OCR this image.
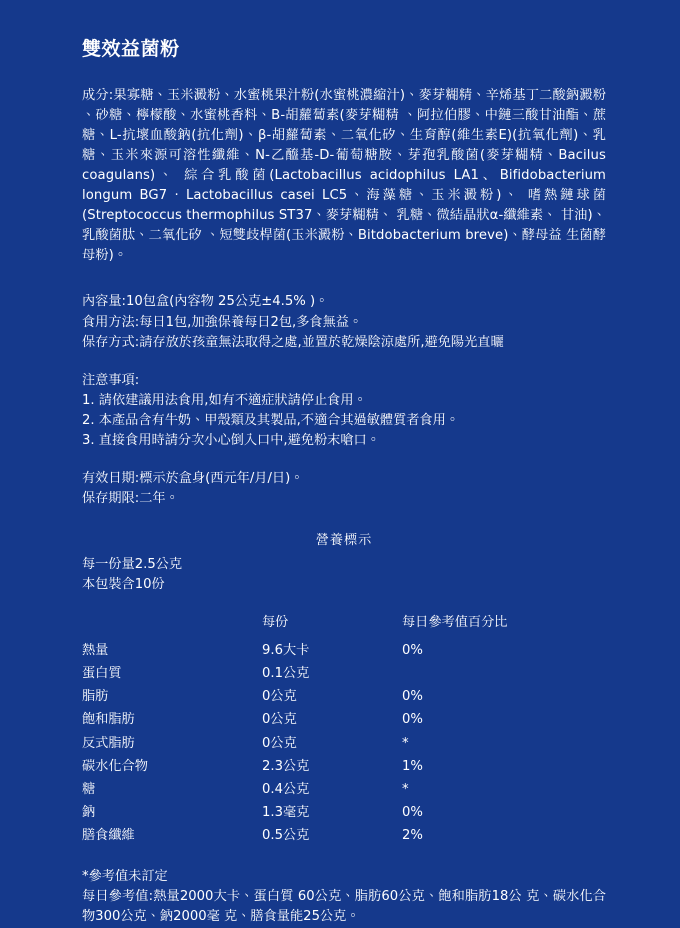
雙效益菌粉
成分:果寡糖、玉米澱粉、水蜜桃果汁粉(水蜜桃濃縮汁)、麥芽糊精、辛烯基丁二酸鈉澱粉 、砂糖、檸檬酸、水蜜桃香料、B-胡蘿蔔素(麥芽糊精 、阿拉伯膠、中鏈三酸甘油酯、蔗糖、L-抗壞血酸鈉(抗化劑)、β-胡蘿蔔素、二氧化矽、生育醇(維生素E)(抗氧化劑)、乳糖、玉米來源可溶性纖維、N-乙醯基-D-葡萄糖胺、芽孢乳酸菌(麥芽糊精、Bacilus coagulans)、 綜合乳酸菌(Lactobacillus acidophilus LA1、Bifidobacterium longum BG7 · Lactobacillus casei LC5、海藻糖、玉米澱粉)、 嗜熱鏈球菌(Streptococcus thermophilus ST37、麥芽糊精、 乳糖、微結晶狀α-纖維素、 甘油)、乳酸菌肽、二氧化矽 、短雙歧桿菌(玉米澱粉、Bitdobacterium breve)、酵母益 生菌酵母粉)。

內容量:10包盒(內容物 25公克±4.5% )。

食用方法:每日1包,加強保養每日2包,多食無益。

保存方式:請存放於孩童無法取得之處,並置於乾燥陰涼處所,避免陽光直曬

注意事項:

1. 請依建議用法食用,如有不適症狀請停止食用。
2. 本產品含有牛奶、甲殼類及其製品,不適合其過敏體質者食用。
3. 直接食用時請分次小心倒入口中,避免粉末嗆口。

有效日期:標示於盒身(西元年/月/日)。

保存期限:二年。

營養標示

每一份量2.5公克

本包裝含10份

	每份	每日參考值百分比
熱量	9.6大卡	0%
蛋白質	0.1公克	
脂肪	0公克	0%
飽和脂肪	0公克	0%
反式脂肪	0公克	*
碳水化合物	2.3公克	1%
糖	0.4公克	*
鈉	1.3毫克	0%
膳食纖維	0.5公克	2%

*參考值未訂定

每日參考值:熱量2000大卡、蛋白質 60公克、脂肪60公克、飽和脂肪18公 克、碳水化合物300公克、鈉2000毫 克、膳食量能25公克。
